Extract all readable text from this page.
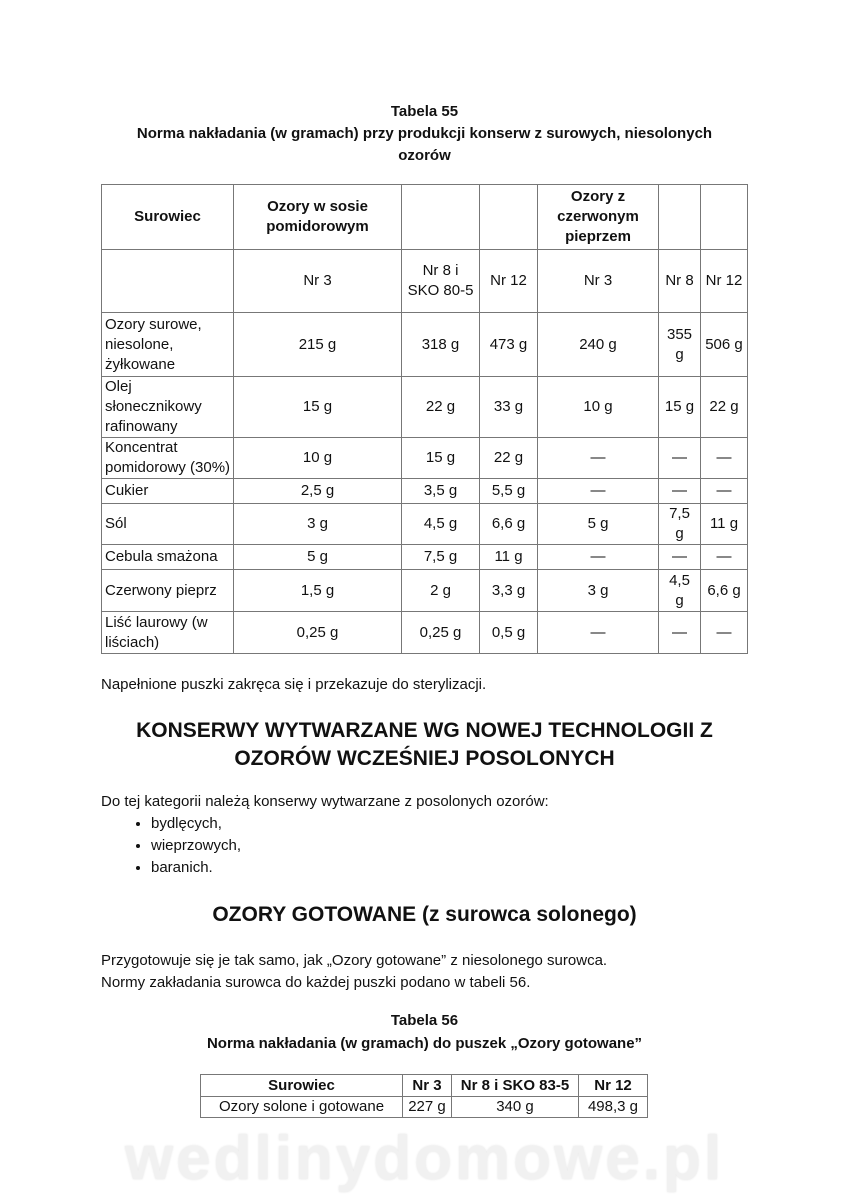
Tabela 55
Norma nakładania (w gramach) przy produkcji konserw z surowych, niesolonych
ozorów
Surowiec	Ozory w sosie pomidorowym			Ozory z czerwonym pieprzem		
	Nr 3	Nr 8 i SKO 80-5	Nr 12	Nr 3	Nr 8	Nr 12
Ozory surowe, niesolone, żyłkowane	215 g	318 g	473 g	240 g	355 g	506 g
Olej słonecznikowy rafinowany	15 g	22 g	33 g	10 g	15 g	22 g
Koncentrat pomidorowy (30%)	10 g	15 g	22 g	—	—	—
Cukier	2,5 g	3,5 g	5,5 g	—	—	—
Sól	3 g	4,5 g	6,6 g	5 g	7,5 g	11 g
Cebula smażona	5 g	7,5 g	11 g	—	—	—
Czerwony pieprz	1,5 g	2 g	3,3 g	3 g	4,5 g	6,6 g
Liść laurowy (w liściach)	0,25 g	0,25 g	0,5 g	—	—	—
Napełnione puszki zakręca się i przekazuje do sterylizacji.
KONSERWY WYTWARZANE WG NOWEJ TECHNOLOGII Z
OZORÓW WCZEŚNIEJ POSOLONYCH
Do tej kategorii należą konserwy wytwarzane z posolonych ozorów:
• bydlęcych,
• wieprzowych,
• baranich.
OZORY GOTOWANE (z surowca solonego)
Przygotowuje się je tak samo, jak „Ozory gotowane” z niesolonego surowca.
Normy zakładania surowca do każdej puszki podano w tabeli 56.
Tabela 56
Norma nakładania (w gramach) do puszek „Ozory gotowane”
Surowiec	Nr 3	Nr 8 i SKO 83-5	Nr 12
Ozory solone i gotowane	227 g	340 g	498,3 g
wedlinydomowe.pl
